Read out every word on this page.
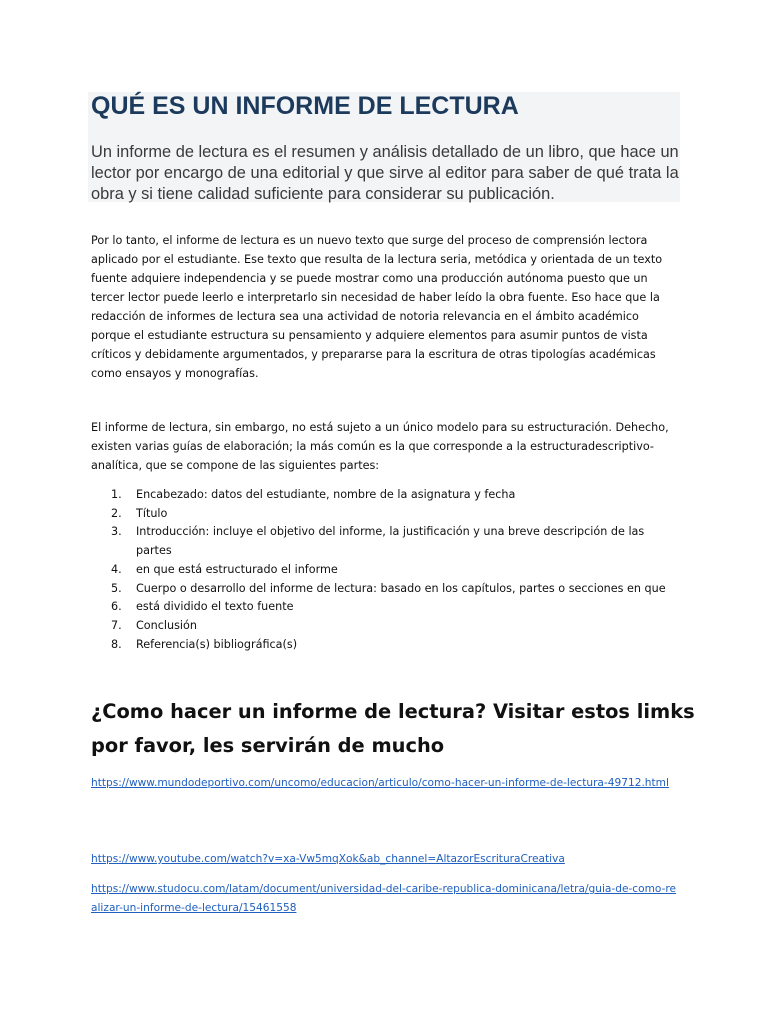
QUÉ ES UN INFORME DE LECTURA

Un informe de lectura es el resumen y análisis detallado de un libro, que hace un lector por encargo de una editorial y que sirve al editor para saber de qué trata la obra y si tiene calidad suficiente para considerar su publicación.

Por lo tanto, el informe de lectura es un nuevo texto que surge del proceso de comprensión lectora aplicado por el estudiante. Ese texto que resulta de la lectura seria, metódica y orientada de un texto fuente adquiere independencia y se puede mostrar como una producción autónoma puesto que un tercer lector puede leerlo e interpretarlo sin necesidad de haber leído la obra fuente. Eso hace que la redacción de informes de lectura sea una actividad de notoria relevancia en el ámbito académico porque el estudiante estructura su pensamiento y adquiere elementos para asumir puntos de vista críticos y debidamente argumentados, y prepararse para la escritura de otras tipologías académicas como ensayos y monografías.

El informe de lectura, sin embargo, no está sujeto a un único modelo para su estructuración. Dehecho, existen varias guías de elaboración; la más común es la que corresponde a la estructuradescriptivo-analítica, que se compone de las siguientes partes:

1. Encabezado: datos del estudiante, nombre de la asignatura y fecha
2. Título
3. Introducción: incluye el objetivo del informe, la justificación y una breve descripción de las partes
4. en que está estructurado el informe
5. Cuerpo o desarrollo del informe de lectura: basado en los capítulos, partes o secciones en que
6. está dividido el texto fuente
7. Conclusión
8. Referencia(s) bibliográfica(s)
¿Como hacer un informe de lectura? Visitar estos limks por favor, les servirán de mucho
https://www.mundodeportivo.com/uncomo/educacion/articulo/como-hacer-un-informe-de-lectura-49712.html
https://www.youtube.com/watch?v=xa-Vw5mqXok&ab_channel=AltazorEscrituraCreativa
https://www.studocu.com/latam/document/universidad-del-caribe-republica-dominicana/letra/guia-de-como-realizar-un-informe-de-lectura/15461558
